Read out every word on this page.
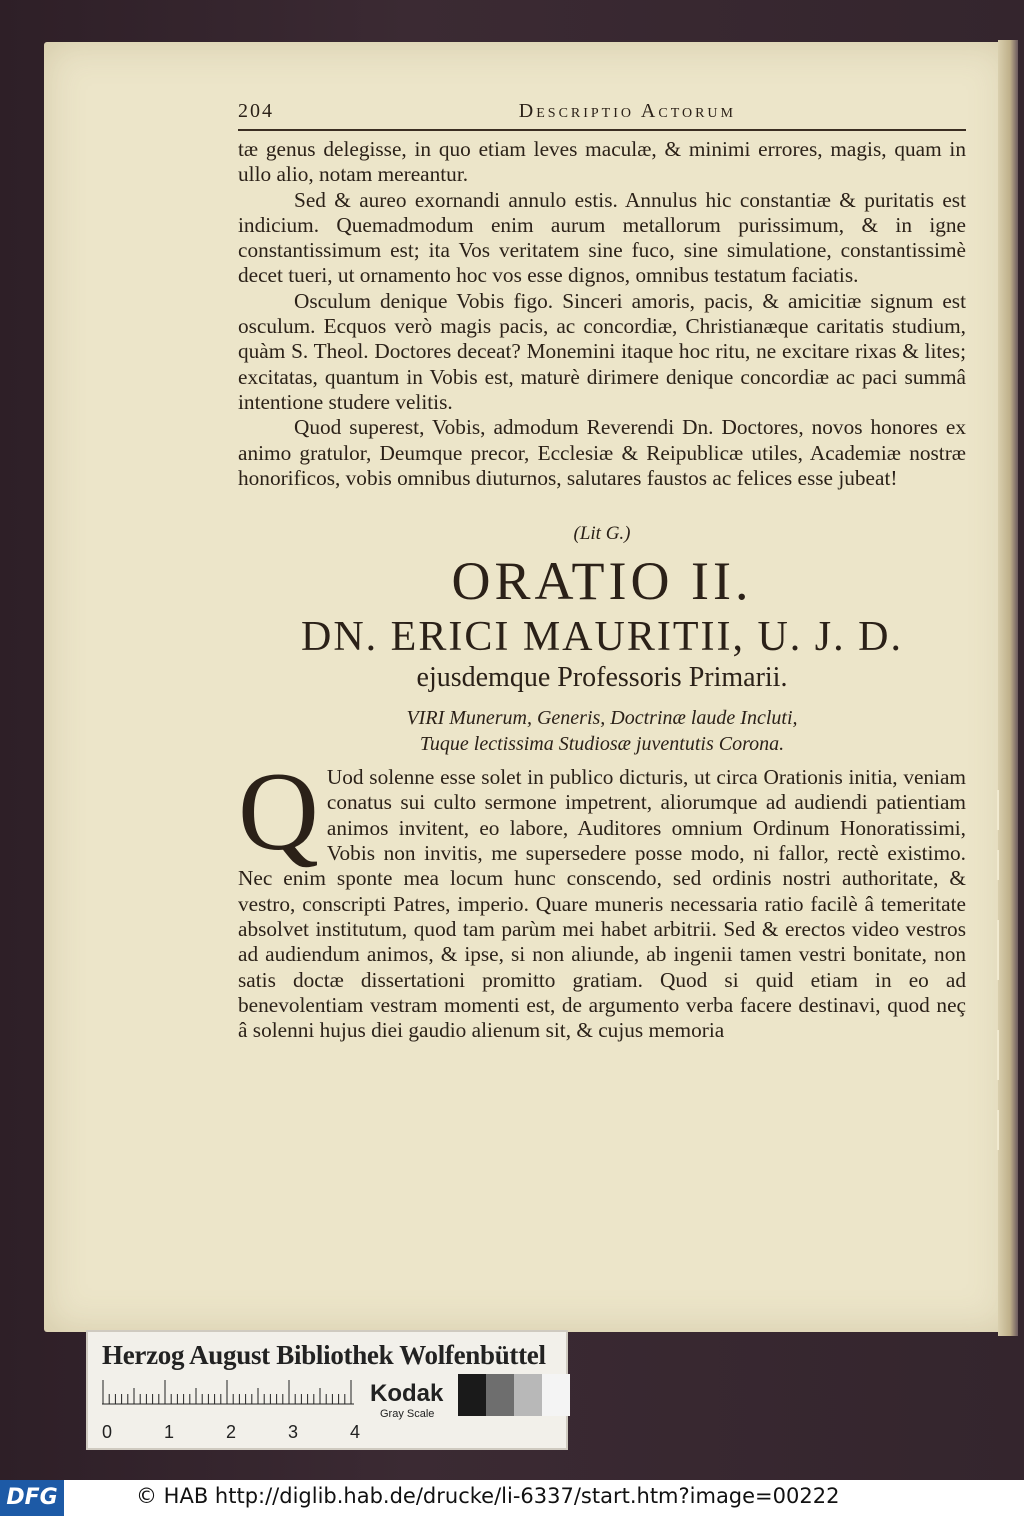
204	Descriptio Actorum

tæ genus delegisse, in quo etiam leves maculæ, & minimi errores, magis, quam in ullo alio, notam mereantur.

Sed & aureo exornandi annulo estis. Annulus hic constantiæ & puritatis est indicium. Quemadmodum enim aurum metallorum purissimum, & in igne constantissimum est; ita Vos veritatem sine fuco, sine simulatione, constantissimè decet tueri, ut ornamento hoc vos esse dignos, omnibus testatum faciatis.

Osculum denique Vobis figo. Sinceri amoris, pacis, & amicitiæ signum est osculum. Ecquos verò magis pacis, ac concordiæ, Christianæque caritatis studium, quàm S. Theol. Doctores deceat? Monemini itaque hoc ritu, ne excitare rixas & lites; excitatas, quantum in Vobis est, maturè dirimere denique concordiæ ac paci summâ intentione studere velitis.

Quod superest, Vobis, admodum Reverendi Dn. Doctores, novos honores ex animo gratulor, Deumque precor, Ecclesiæ & Reipublicæ utiles, Academiæ nostræ honorificos, vobis omnibus diuturnos, salutares faustos ac felices esse jubeat!

(Lit G.)
ORATIO II.
DN. ERICI MAURITII, U. J. D.
ejusdemque Professoris Primarii.
VIRI Munerum, Generis, Doctrinæ laude Incluti,
Tuque lectissima Studiosæ juventutis Corona.

Q Uod solenne esse solet in publico dicturis, ut circa Orationis initia, veniam conatus sui culto sermone impetrent, aliorumque ad audiendi patientiam animos invitent, eo labore, Auditores omnium Ordinum Honoratissimi, Vobis non invitis, me supersedere posse modo, ni fallor, rectè existimo. Nec enim sponte mea locum hunc conscendo, sed ordinis nostri authoritate, & vestro, conscripti Patres, imperio. Quare muneris necessaria ratio facilè â temeritate absolvet institutum, quod tam parùm mei habet arbitrii. Sed & erectos video vestros ad audiendum animos, & ipse, si non aliunde, ab ingenii tamen vestri bonitate, non satis doctæ dissertationi promitto gratiam. Quod si quid etiam in eo ad benevolentiam vestram momenti est, de argumento verba facere destinavi, quod neç â solenni hujus diei gaudio alienum sit, & cujus memoria

Herzog August Bibliothek Wolfenbüttel
0	1	2	3	4
Kodak
Gray Scale
DFG	© HAB http://diglib.hab.de/drucke/li-6337/start.htm?image=00222
